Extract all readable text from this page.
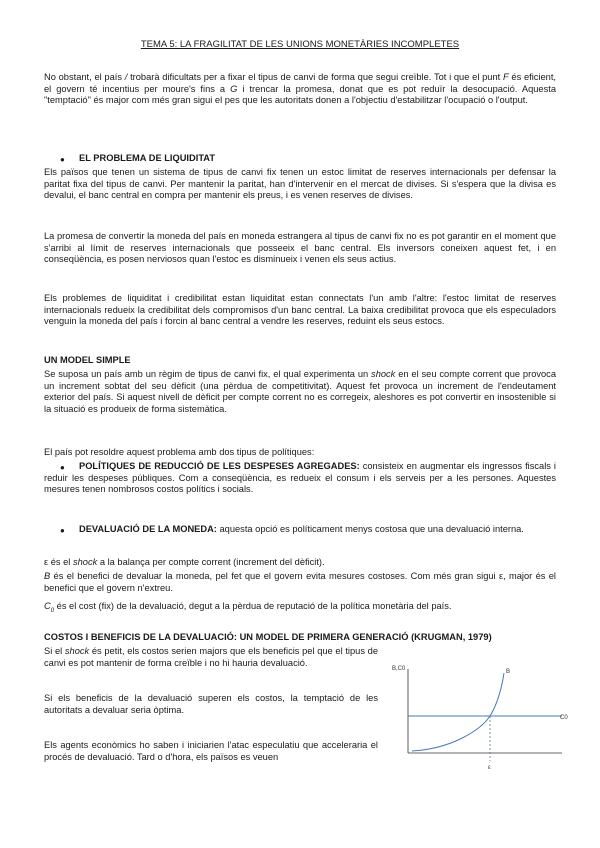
TEMA 5: LA FRAGILITAT DE LES UNIONS MONETÀRIES INCOMPLETES

No obstant, el país / trobarà dificultats per a fixar el tipus de canvi de forma que segui creïble. Tot i que el punt F és eficient, el govern té incentius per moure's fins a G i trencar la promesa, donat que es pot reduïr la desocupació. Aquesta "temptació" és major com més gran sigui el pes que les autoritats donen a l'objectiu d'estabilitzar l'ocupació o l'output.

● EL PROBLEMA DE LIQUIDITAT

Els països que tenen un sistema de tipus de canvi fix tenen un estoc limitat de reserves internacionals per defensar la paritat fixa del tipus de canvi. Per mantenir la paritat, han d'intervenir en el mercat de divises. Si s'espera que la divisa es devalui, el banc central en compra per mantenir els preus, i es venen reserves de divises.

La promesa de convertir la moneda del país en moneda estrangera al tipus de canvi fix no es pot garantir en el moment que s'arribi al límit de reserves internacionals que posseeix el banc central. Els inversors coneixen aquest fet, i en conseqüència, es posen nerviosos quan l'estoc es disminueix i venen els seus actius.

Els problemes de liquiditat i credibilitat estan liquiditat estan connectats l'un amb l'altre: l'estoc limitat de reserves internacionals redueix la credibilitat dels compromisos d'un banc central. La baixa credibilitat provoca que els especuladors venguin la moneda del país i forcin al banc central a vendre les reserves, reduint els seus estocs.

UN MODEL SIMPLE

Se suposa un país amb un règim de tipus de canvi fix, el qual experimenta un shock en el seu compte corrent que provoca un increment sobtat del seu dèficit (una pèrdua de competitivitat). Aquest fet provoca un increment de l'endeutament exterior del país. Si aquest nivell de dèficit per compte corrent no es corregeix, aleshores es pot convertir en insostenible si la situació es produeix de forma sistemàtica.

El país pot resoldre aquest problema amb dos tipus de polítiques:

●	POLÍTIQUES DE REDUCCIÓ DE LES DESPESES AGREGADES: consisteix en augmentar els ingressos fiscals i reduir les despeses públiques. Com a conseqüència, es redueix el consum i els serveis per a les persones. Aquestes mesures tenen nombrosos costos polítics i socials.

● DEVALUACIÓ DE LA MONEDA: aquesta opció es políticament menys costosa que una devaluació interna.

ε és el shock a la balança per compte corrent (increment del dèficit).

B és el benefici de devaluar la moneda, pel fet que el govern evita mesures costoses. Com més gran sigui ε, major és el benefici que el govern n'extreu.

$C_0$ és el cost (fix) de la devaluació, degut a la pèrdua de reputació de la política monetària del país.

COSTOS I BENEFICIS DE LA DEVALUACIÓ: UN MODEL DE PRIMERA GENERACIÓ (KRUGMAN, 1979)

Si el shock és petit, els costos serien majors que els beneficis pel que el tipus de canvi es pot mantenir de forma creïble i no hi hauria devaluació.

Si els beneficis de la devaluació superen els costos, la temptació de les autoritats a devaluar seria òptima.

Els agents econòmics ho saben i iniciarien l'atac especulatiu que acceleraria el procés de devaluació. Tard o d'hora, els països es veuen

B,C0	B
C0
ε
